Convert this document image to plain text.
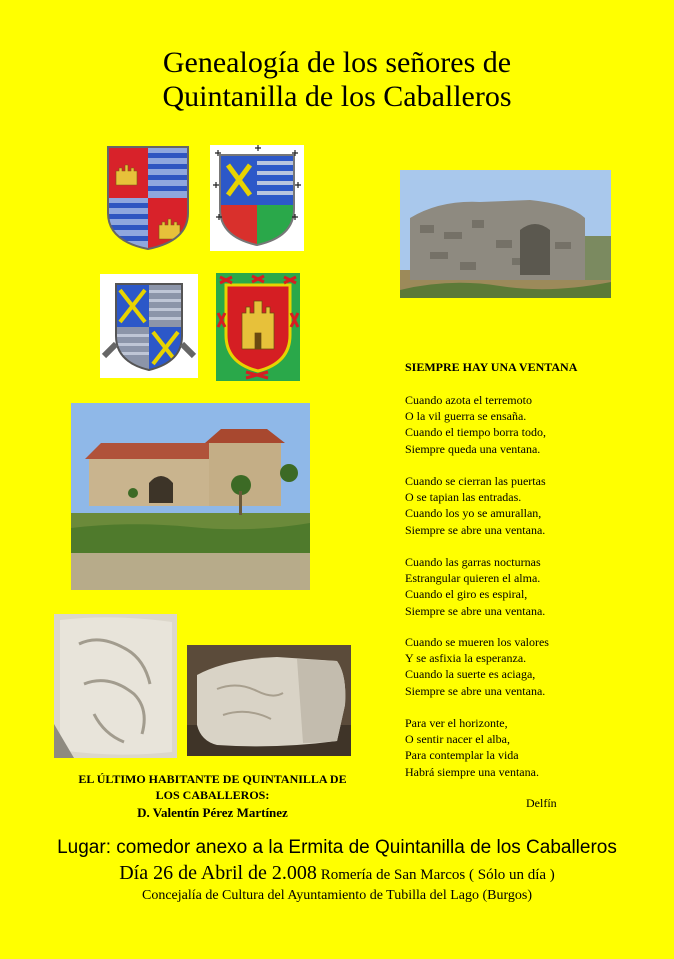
Genealogía de los señores de
Quintanilla de los Caballeros
SIEMPRE HAY UNA VENTANA
Cuando azota el terremoto
O la vil guerra se ensaña.
Cuando el tiempo borra todo,
Siempre queda una ventana.
Cuando se cierran las puertas
O se tapian las entradas.
Cuando los yo se amurallan,
Siempre se abre una ventana.
Cuando las garras nocturnas
Estrangular quieren el alma.
Cuando el giro es espiral,
Siempre se abre una ventana.
Cuando se mueren los valores
Y se asfixia la esperanza.
Cuando la suerte es aciaga,
Siempre se abre una ventana.
Para ver el horizonte,
O sentir nacer el alba,
Para contemplar la vida
Habrá siempre una ventana.
Delfín
EL ÚLTIMO HABITANTE DE QUINTANILLA DE
LOS CABALLEROS:
D. Valentín Pérez Martínez
Lugar: comedor anexo a la Ermita de Quintanilla de los Caballeros
Día 26 de Abril de 2.008 Romería de San Marcos ( Sólo un día )
Concejalía de Cultura del Ayuntamiento de Tubilla del Lago (Burgos)
